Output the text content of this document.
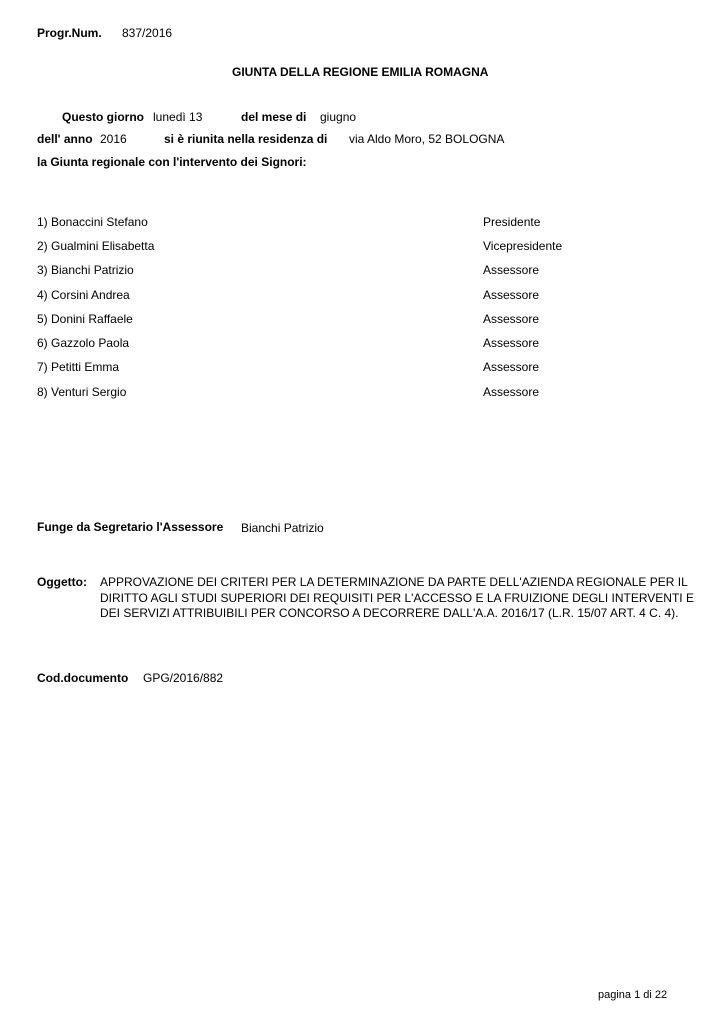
Progr.Num. 837/2016
GIUNTA DELLA REGIONE EMILIA ROMAGNA
Questo giorno lunedì 13	del mese di giugno
dell' anno 2016	si è riunita nella residenza di via Aldo Moro, 52 BOLOGNA
la Giunta regionale con l'intervento dei Signori:
1) Bonaccini Stefano	Presidente
2) Gualmini Elisabetta	Vicepresidente
3) Bianchi Patrizio	Assessore
4) Corsini Andrea	Assessore
5) Donini Raffaele	Assessore
6) Gazzolo Paola	Assessore
7) Petitti Emma	Assessore
8) Venturi Sergio	Assessore
Funge da Segretario l'Assessore Bianchi Patrizio
Oggetto: APPROVAZIONE DEI CRITERI PER LA DETERMINAZIONE DA PARTE DELL'AZIENDA REGIONALE PER IL DIRITTO AGLI STUDI SUPERIORI DEI REQUISITI PER L'ACCESSO E LA FRUIZIONE DEGLI INTERVENTI E DEI SERVIZI ATTRIBUIBILI PER CONCORSO A DECORRERE DALL'A.A. 2016/17 (L.R. 15/07 ART. 4 C. 4).
Cod.documento GPG/2016/882
pagina 1 di 22
